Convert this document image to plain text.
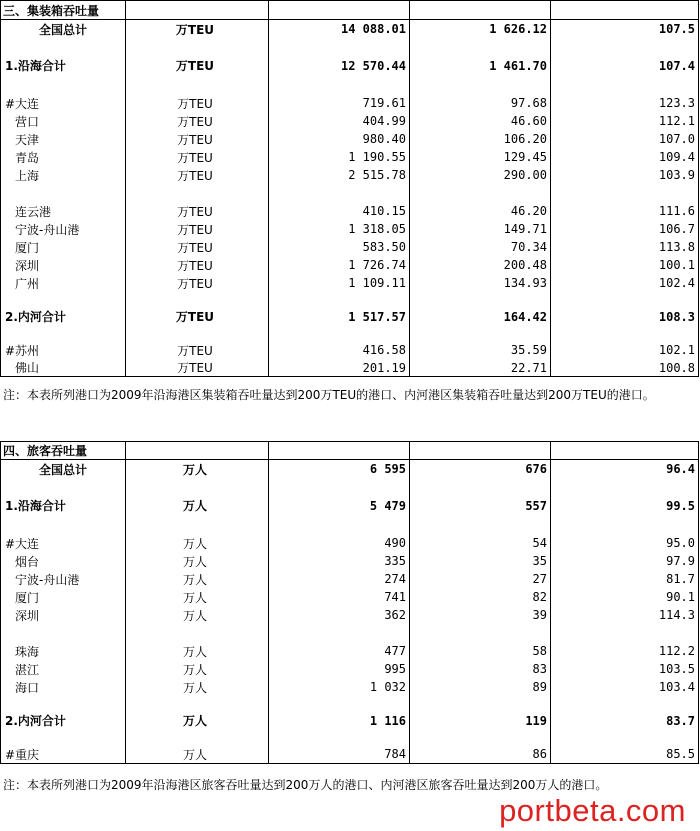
三、集装箱吞吐量				
全国总计	万TEU	14 088.01	1 626.12	107.5

1.沿海合计	万TEU	12 570.44	1 461.70	107.4

#大连	万TEU	719.61	97.68	123.3
营口	万TEU	404.99	46.60	112.1
天津	万TEU	980.40	106.20	107.0
青岛	万TEU	1 190.55	129.45	109.4
上海	万TEU	2 515.78	290.00	103.9

连云港	万TEU	410.15	46.20	111.6
宁波-舟山港	万TEU	1 318.05	149.71	106.7
厦门	万TEU	583.50	70.34	113.8
深圳	万TEU	1 726.74	200.48	100.1
广州	万TEU	1 109.11	134.93	102.4

2.内河合计	万TEU	1 517.57	164.42	108.3

#苏州	万TEU	416.58	35.59	102.1
佛山	万TEU	201.19	22.71	100.8
注：本表所列港口为2009年沿海港区集装箱吞吐量达到200万TEU的港口、内河港区集装箱吞吐量达到200万TEU的港口。
四、旅客吞吐量				
全国总计	万人	6 595	676	96.4

1.沿海合计	万人	5 479	557	99.5

#大连	万人	490	54	95.0
烟台	万人	335	35	97.9
宁波-舟山港	万人	274	27	81.7
厦门	万人	741	82	90.1
深圳	万人	362	39	114.3

珠海	万人	477	58	112.2
湛江	万人	995	83	103.5
海口	万人	1 032	89	103.4

2.内河合计	万人	1 116	119	83.7

#重庆	万人	784	86	85.5
注：本表所列港口为2009年沿海港区旅客吞吐量达到200万人的港口、内河港区旅客吞吐量达到200万人的港口。
portbeta.com
